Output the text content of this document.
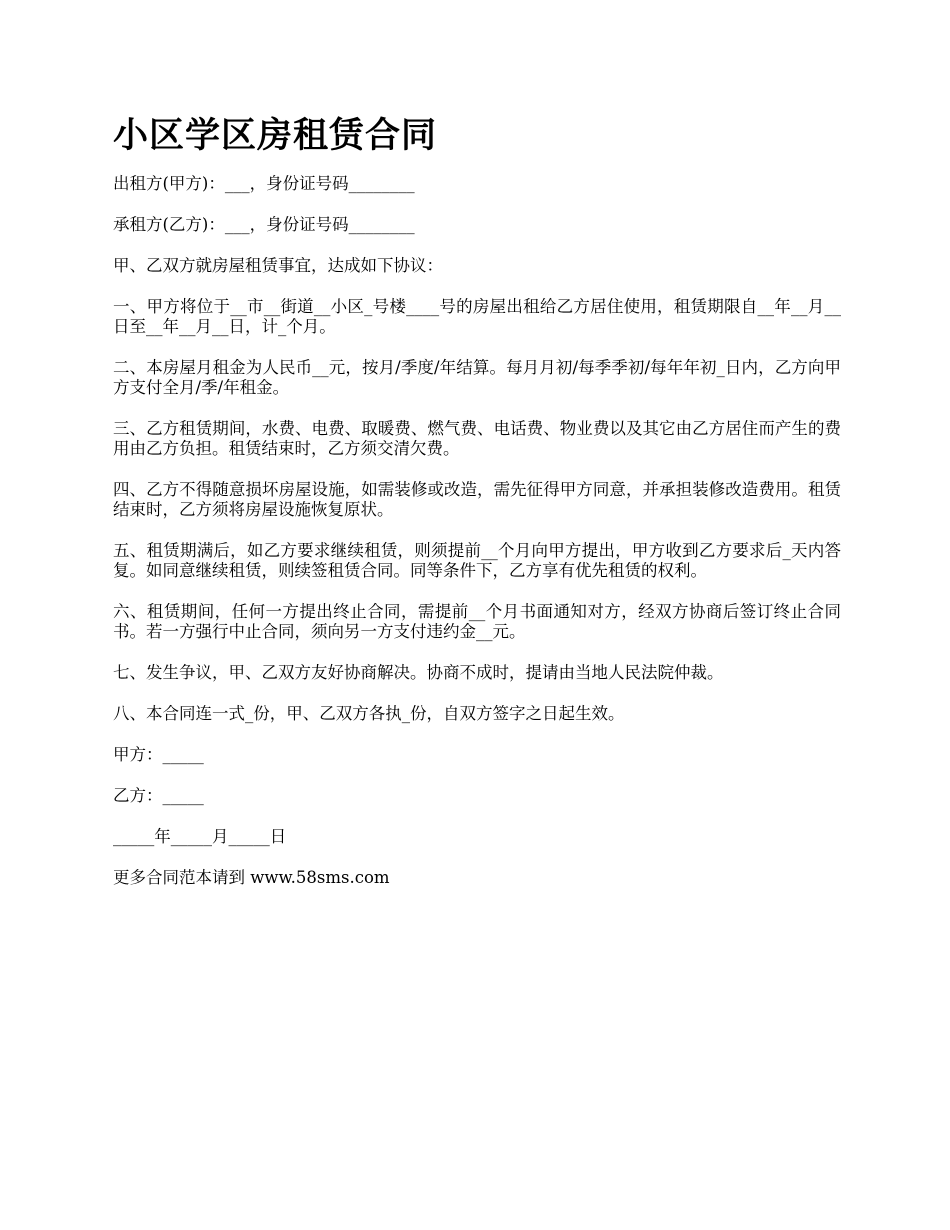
小区学区房租赁合同

出租方(甲方)：___，身份证号码________

承租方(乙方)：___，身份证号码________

甲、乙双方就房屋租赁事宜，达成如下协议：

一、甲方将位于__市__街道__小区_号楼____号的房屋出租给乙方居住使用，租赁期限自__年__月__日至__年__月__日，计_个月。

二、本房屋月租金为人民币__元，按月/季度/年结算。每月月初/每季季初/每年年初_日内，乙方向甲方支付全月/季/年租金。

三、乙方租赁期间，水费、电费、取暖费、燃气费、电话费、物业费以及其它由乙方居住而产生的费用由乙方负担。租赁结束时，乙方须交清欠费。

四、乙方不得随意损坏房屋设施，如需装修或改造，需先征得甲方同意，并承担装修改造费用。租赁结束时，乙方须将房屋设施恢复原状。

五、租赁期满后，如乙方要求继续租赁，则须提前__个月向甲方提出，甲方收到乙方要求后_天内答复。如同意继续租赁，则续签租赁合同。同等条件下，乙方享有优先租赁的权利。

六、租赁期间，任何一方提出终止合同，需提前__个月书面通知对方，经双方协商后签订终止合同书。若一方强行中止合同，须向另一方支付违约金__元。

七、发生争议，甲、乙双方友好协商解决。协商不成时，提请由当地人民法院仲裁。

八、本合同连一式_份，甲、乙双方各执_份，自双方签字之日起生效。

甲方：_____

乙方：_____

_____年_____月_____日

更多合同范本请到 www.58sms.com
